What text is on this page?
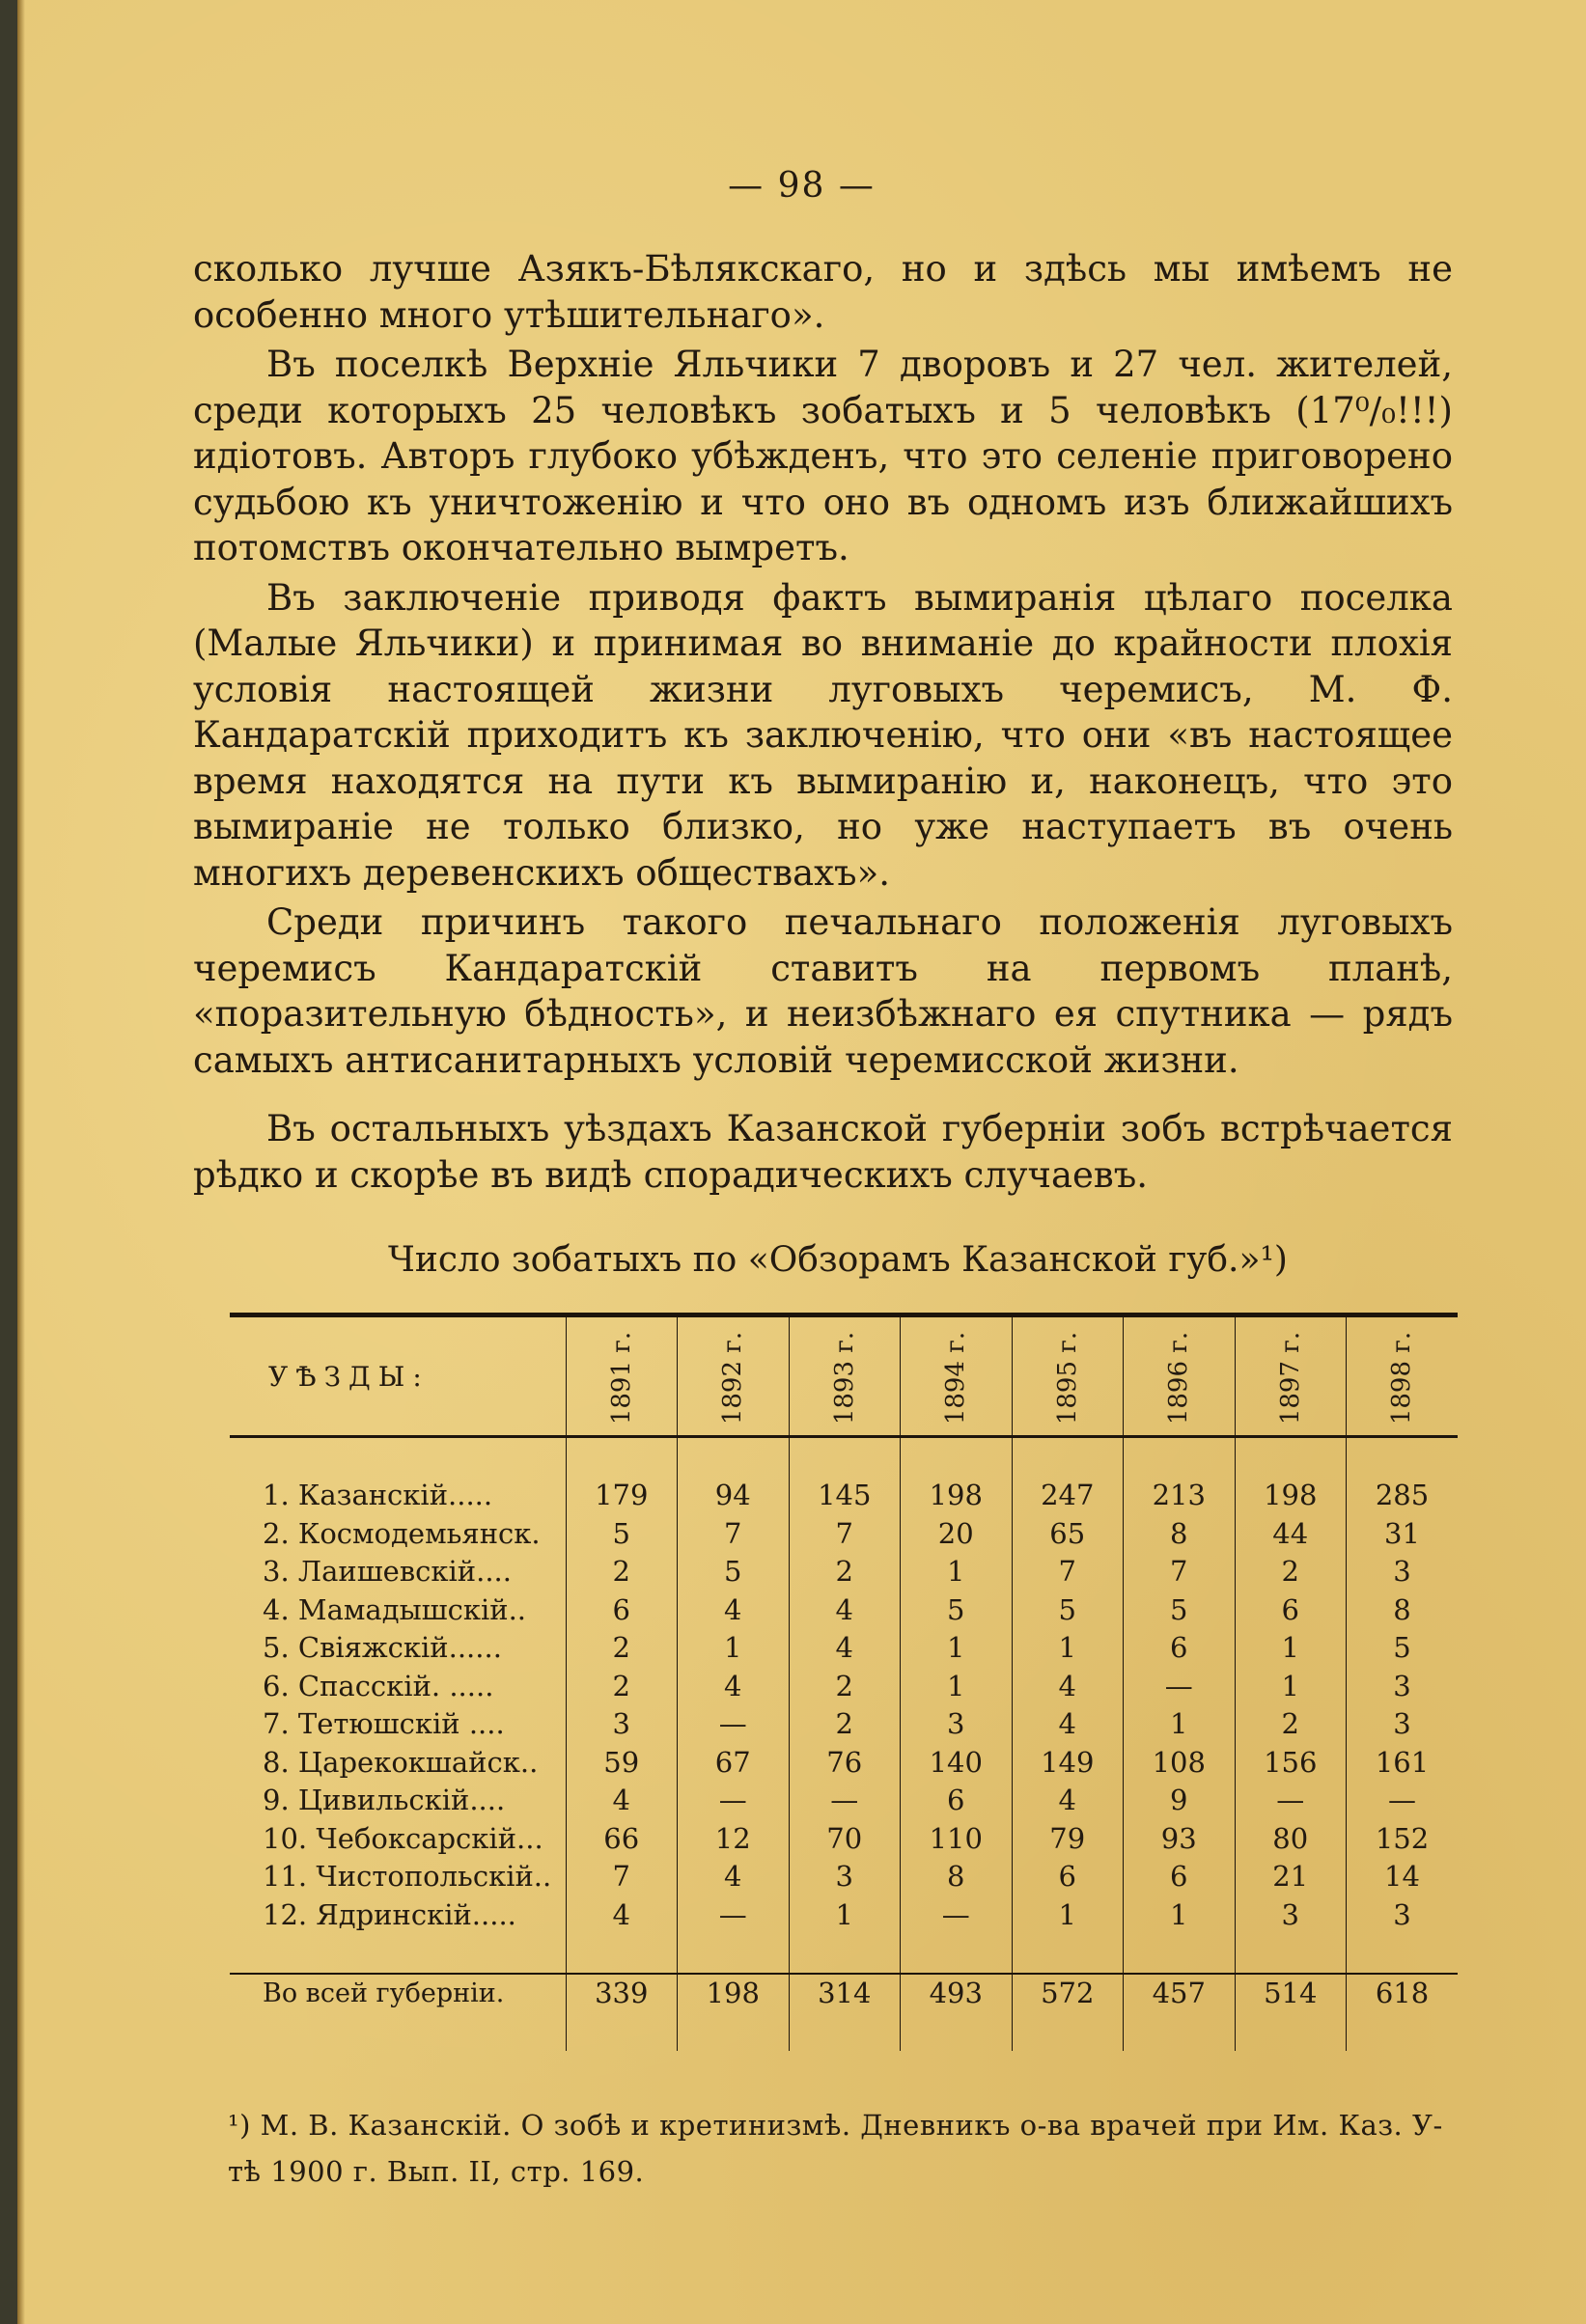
— 98 —

сколько лучше Азякъ-Бѣлякскаго, но и здѣсь мы имѣемъ не особенно много утѣшительнаго».

Въ поселкѣ Верхніе Яльчики 7 дворовъ и 27 чел. жителей, среди которыхъ 25 человѣкъ зобатыхъ и 5 человѣкъ (17⁰/₀!!!) идіотовъ. Авторъ глубоко убѣжденъ, что это селеніе приговорено судьбою къ уничтоженію и что оно въ одномъ изъ ближайшихъ потомствъ окончательно вымретъ.

Въ заключеніе приводя фактъ вымиранія цѣлаго поселка (Малые Яльчики) и принимая во вниманіе до крайности плохія условія настоящей жизни луговыхъ черемисъ, М. Ф. Кандаратскій приходитъ къ заключенію, что они «въ настоящее время находятся на пути къ вымиранію и, наконецъ, что это вымираніе не только близко, но уже наступаетъ въ очень многихъ деревенскихъ обществахъ».

Среди причинъ такого печальнаго положенія луговыхъ черемисъ Кандаратскій ставитъ на первомъ планѣ, «поразительную бѣдность», и неизбѣжнаго ея спутника — рядъ самыхъ антисанитарныхъ условій черемисской жизни.

Въ остальныхъ уѣздахъ Казанской губерніи зобъ встрѣчается рѣдко и скорѣе въ видѣ спорадическихъ случаевъ.

Число зобатыхъ по «Обзорамъ Казанской губ.»¹)
УѢЗДЫ:	1891 г.	1892 г.	1893 г.	1894 г.	1895 г.	1896 г.	1897 г.	1898 г.

1. Казанскій.....	179	94	145	198	247	213	198	285
2. Космодемьянск.	5	7	7	20	65	8	44	31
3. Лаишевскій....	2	5	2	1	7	7	2	3
4. Мамадышскій..	6	4	4	5	5	5	6	8
5. Свіяжскій......	2	1	4	1	1	6	1	5
6. Спасскій. .....	2	4	2	1	4	—	1	3
7. Тетюшскій ....	3	—	2	3	4	1	2	3
8. Царекокшайск..	59	67	76	140	149	108	156	161
9. Цивильскій....	4	—	—	6	4	9	—	—
10. Чебоксарскій...	66	12	70	110	79	93	80	152
11. Чистопольскій..	7	4	3	8	6	6	21	14
12. Ядринскій.....	4	—	1	—	1	1	3	3

Во всей губерніи.	339	198	314	493	572	457	514	618

¹) М. В. Казанскій. О зобѣ и кретинизмѣ. Дневникъ о-ва врачей при Им. Каз. У-тѣ 1900 г. Вып. II, стр. 169.
